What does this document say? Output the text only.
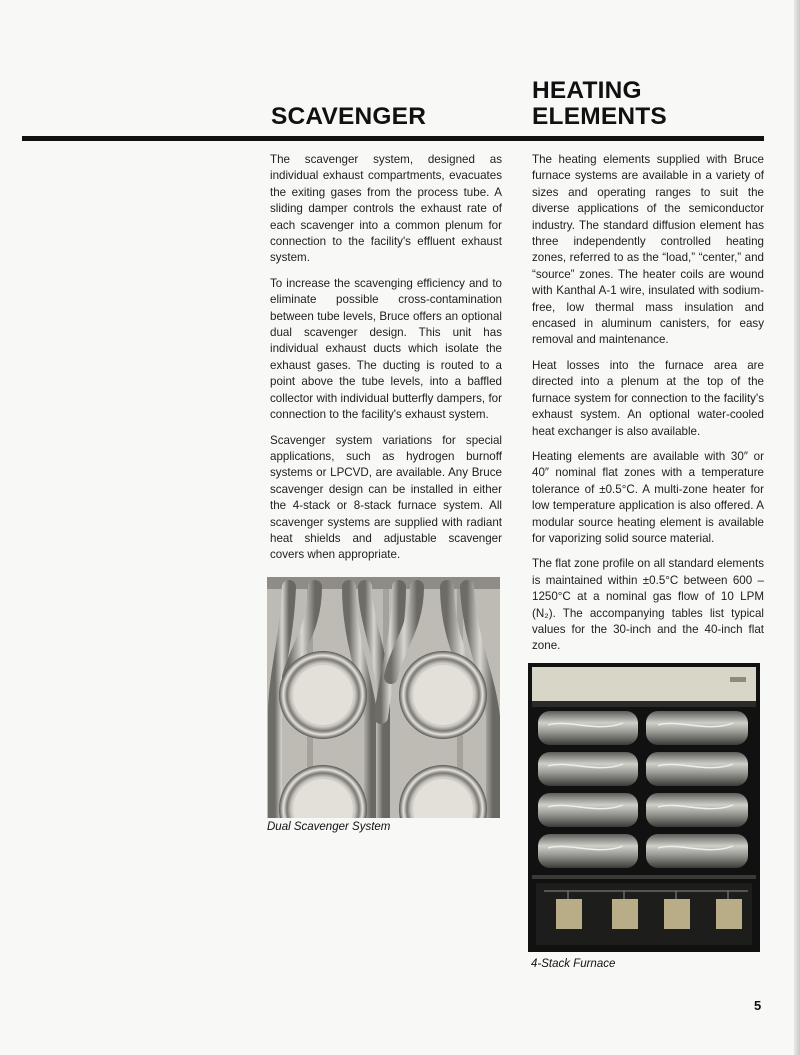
SCAVENGER
HEATING
ELEMENTS

The scavenger system, designed as individual exhaust compartments, evacuates the exiting gases from the process tube. A sliding damper controls the exhaust rate of each scavenger into a common plenum for connection to the facility's effluent exhaust system.

To increase the scavenging efficiency and to eliminate possible cross-contamination between tube levels, Bruce offers an optional dual scavenger design. This unit has individual exhaust ducts which isolate the exhaust gases. The ducting is routed to a point above the tube levels, into a baffled collector with individual butterfly dampers, for connection to the facility's exhaust system.

Scavenger system variations for special applications, such as hydrogen burnoff systems or LPCVD, are available. Any Bruce scavenger design can be installed in either the 4-stack or 8-stack furnace system. All scavenger systems are supplied with radiant heat shields and adjustable scavenger covers when appropriate.

The heating elements supplied with Bruce furnace systems are available in a variety of sizes and operating ranges to suit the diverse applications of the semiconductor industry. The standard diffusion element has three independently controlled heating zones, referred to as the “load,” “center,” and “source” zones. The heater coils are wound with Kanthal A-1 wire, insulated with sodium-free, low thermal mass insulation and encased in aluminum canisters, for easy removal and maintenance.

Heat losses into the furnace area are directed into a plenum at the top of the furnace system for connection to the facility's exhaust system. An optional water-cooled heat exchanger is also available.

Heating elements are available with 30″ or 40″ nominal flat zones with a temperature tolerance of ±0.5°C. A multi-zone heater for low temperature application is also offered. A modular source heating element is available for vaporizing solid source material.

The flat zone profile on all standard elements is maintained within ±0.5°C between 600 – 1250°C at a nominal gas flow of 10 LPM (N₂). The accompanying tables list typical values for the 30-inch and the 40-inch flat zone.

Dual Scavenger System
4-Stack Furnace
5
